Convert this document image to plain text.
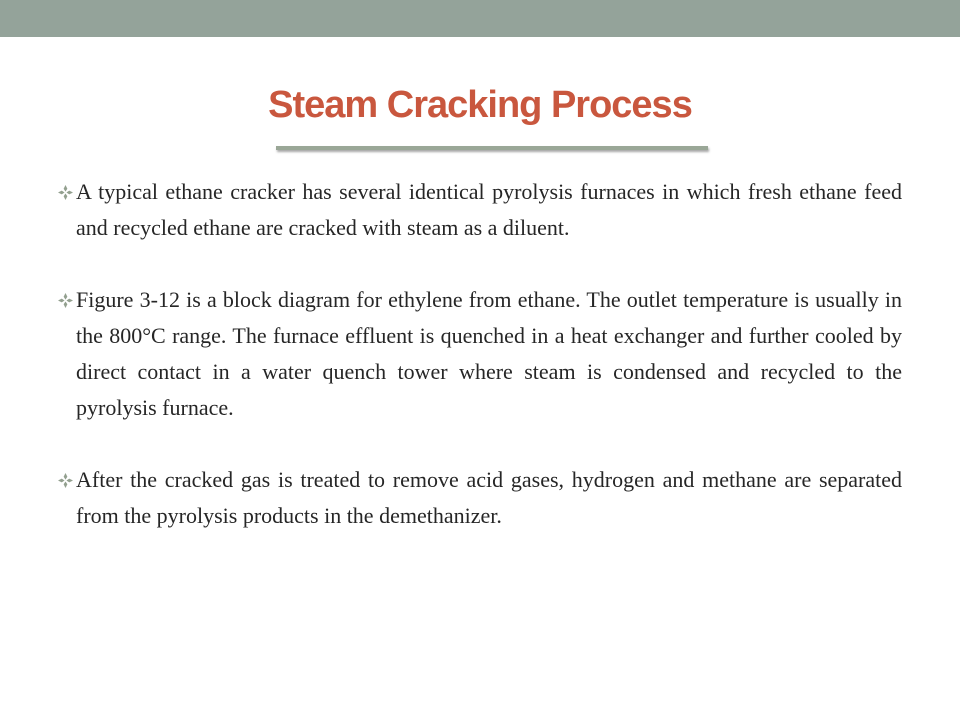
Steam Cracking Process
A typical ethane cracker has several identical pyrolysis furnaces in which fresh ethane feed and recycled ethane are cracked with steam as a diluent.
Figure 3-12 is a block diagram for ethylene from ethane. The outlet temperature is usually in the 800°C range. The furnace effluent is quenched in a heat exchanger and further cooled by direct contact in a water quench tower where steam is condensed and recycled to the pyrolysis furnace.
After the cracked gas is treated to remove acid gases, hydrogen and methane are separated from the pyrolysis products in the demethanizer.
